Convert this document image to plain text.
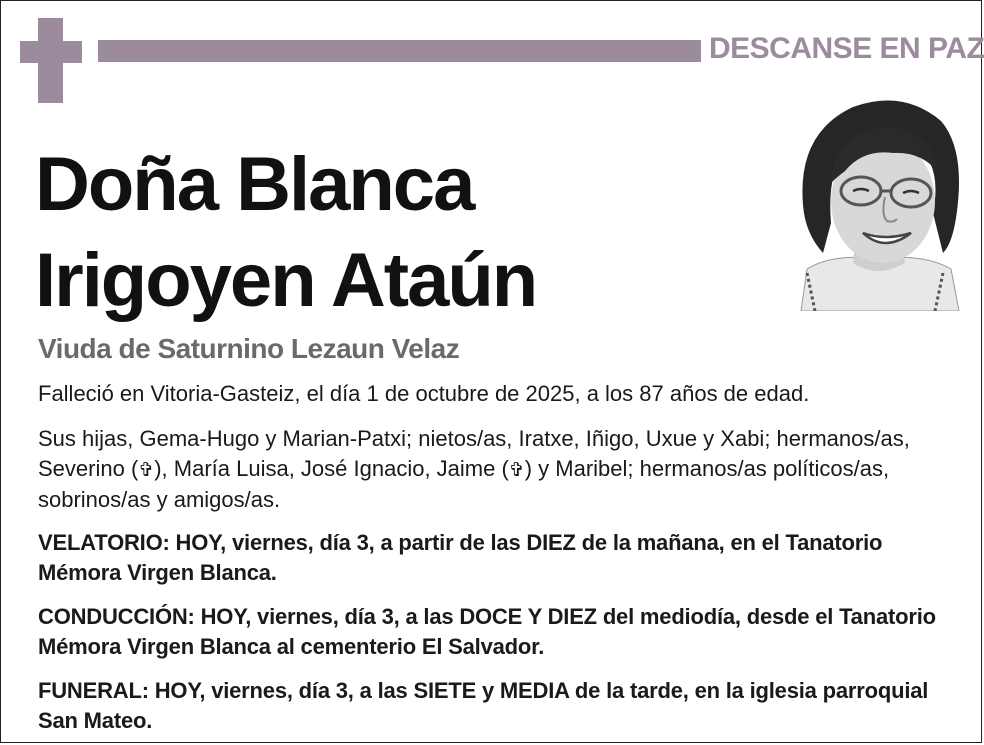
DESCANSE EN PAZ
Doña Blanca
Irigoyen Ataún
Viuda de Saturnino Lezaun Velaz

Falleció en Vitoria-Gasteiz, el día 1 de octubre de 2025, a los 87 años de edad.

Sus hijas, Gema-Hugo y Marian-Patxi; nietos/as, Iratxe, Iñigo, Uxue y Xabi; hermanos/as, Severino (✞), María Luisa, José Ignacio, Jaime (✞) y Maribel; hermanos/as políticos/as, sobrinos/as y amigos/as.

VELATORIO: HOY, viernes, día 3, a partir de las DIEZ de la mañana, en el Tanatorio Mémora Virgen Blanca.

CONDUCCIÓN: HOY, viernes, día 3, a las DOCE Y DIEZ del mediodía, desde el Tanatorio Mémora Virgen Blanca al cementerio El Salvador.

FUNERAL: HOY, viernes, día 3, a las SIETE y MEDIA de la tarde, en la iglesia parroquial San Mateo.
